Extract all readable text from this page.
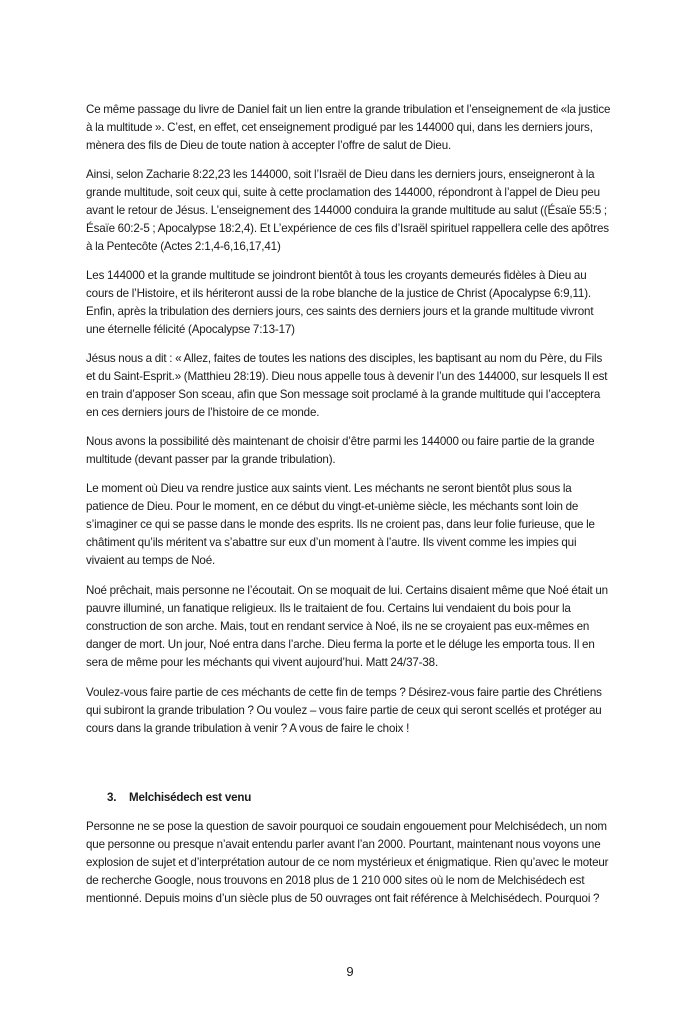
Ce même passage du livre de Daniel fait un lien entre la grande tribulation et l’enseignement de «la justice à la multitude ». C’est, en effet, cet enseignement prodigué par les 144000 qui, dans les derniers jours, mènera des fils de Dieu de toute nation à accepter l’offre de salut de Dieu.

Ainsi, selon Zacharie 8:22,23 les 144000, soit l’Israël de Dieu dans les derniers jours, enseigneront à la grande multitude, soit ceux qui, suite à cette proclamation des 144000, répondront à l’appel de Dieu peu avant le retour de Jésus. L’enseignement des 144000 conduira la grande multitude au salut ((Ésaïe 55:5 ; Ésaïe 60:2-5 ; Apocalypse 18:2,4). Et L’expérience de ces fils d’Israël spirituel rappellera celle des apôtres à la Pentecôte (Actes 2:1,4-6,16,17,41)

Les 144000 et la grande multitude se joindront bientôt à tous les croyants demeurés fidèles à Dieu au cours de l’Histoire, et ils hériteront aussi de la robe blanche de la justice de Christ (Apocalypse 6:9,11). Enfin, après la tribulation des derniers jours, ces saints des derniers jours et la grande multitude vivront une éternelle félicité (Apocalypse 7:13-17)

Jésus nous a dit : « Allez, faites de toutes les nations des disciples, les baptisant au nom du Père, du Fils et du Saint-Esprit.» (Matthieu 28:19). Dieu nous appelle tous à devenir l’un des 144000, sur lesquels Il est en train d’apposer Son sceau, afin que Son message soit proclamé à la grande multitude qui l’acceptera en ces derniers jours de l’histoire de ce monde.

Nous avons la possibilité dès maintenant de choisir d’être parmi les 144000 ou faire partie de la grande multitude (devant passer par la grande tribulation).

Le moment où Dieu va rendre justice aux saints vient. Les méchants ne seront bientôt plus sous la patience de Dieu. Pour le moment, en ce début du vingt-et-unième siècle, les méchants sont loin de s’imaginer ce qui se passe dans le monde des esprits. Ils ne croient pas, dans leur folie furieuse, que le châtiment qu’ils méritent va s’abattre sur eux d’un moment à l’autre. Ils vivent comme les impies qui vivaient au temps de Noé.

Noé prêchait, mais personne ne l’écoutait. On se moquait de lui. Certains disaient même que Noé était un pauvre illuminé, un fanatique religieux. Ils le traitaient de fou. Certains lui vendaient du bois pour la construction de son arche. Mais, tout en rendant service à Noé, ils ne se croyaient pas eux-mêmes en danger de mort. Un jour, Noé entra dans l’arche. Dieu ferma la porte et le déluge les emporta tous. Il en sera de même pour les méchants qui vivent aujourd’hui. Matt 24/37-38.

Voulez-vous faire partie de ces méchants de cette fin de temps ? Désirez-vous faire partie des Chrétiens qui subiront la grande tribulation ? Ou voulez – vous faire partie de ceux qui seront scellés et protéger au cours dans la grande tribulation à venir ? A vous de faire le choix !

3.	Melchisédech est venu

Personne ne se pose la question de savoir pourquoi ce soudain engouement pour Melchisédech, un nom que personne ou presque n’avait entendu parler avant l’an 2000. Pourtant, maintenant nous voyons une explosion de sujet et d’interprétation autour de ce nom mystérieux et énigmatique. Rien qu’avec le moteur de recherche Google, nous trouvons en 2018 plus de 1 210 000 sites où le nom de Melchisédech est mentionné. Depuis moins d’un siècle plus de 50 ouvrages ont fait référence à Melchisédech. Pourquoi ?

9
